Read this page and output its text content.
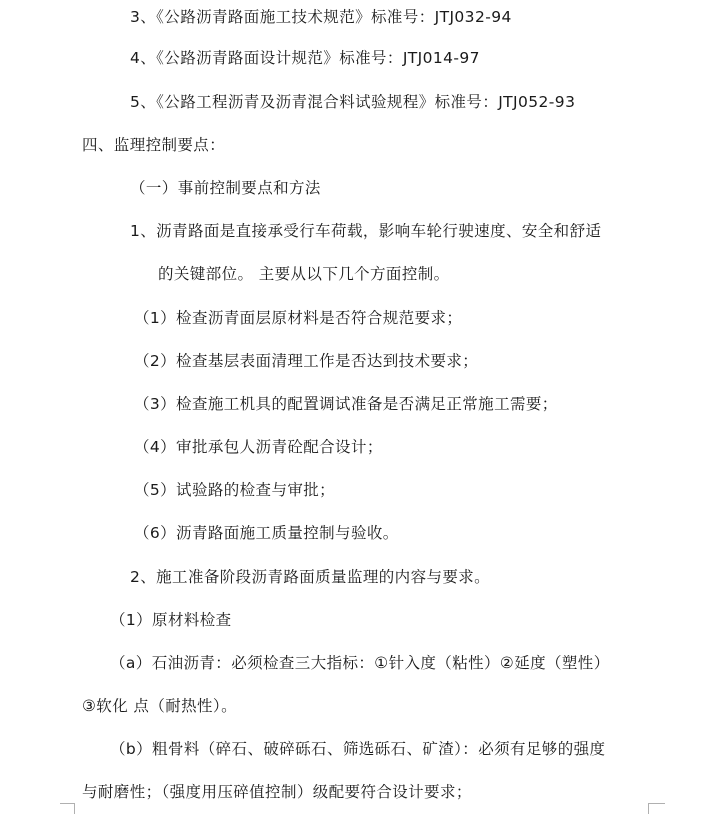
3、《公路沥青路面施工技术规范》标准号：JTJ032-94
4、《公路沥青路面设计规范》标准号：JTJ014-97
5、《公路工程沥青及沥青混合料试验规程》标准号：JTJ052-93
四、监理控制要点：
（一）事前控制要点和方法
1、沥青路面是直接承受行车荷载，影响车轮行驶速度、安全和舒适
的关键部位。 主要从以下几个方面控制。
（1）检查沥青面层原材料是否符合规范要求；
（2）检查基层表面清理工作是否达到技术要求；
（3）检查施工机具的配置调试准备是否满足正常施工需要；
（4）审批承包人沥青砼配合设计；
（5）试验路的检查与审批；
（6）沥青路面施工质量控制与验收。
2、施工准备阶段沥青路面质量监理的内容与要求。
（1）原材料检查
（a）石油沥青：必须检查三大指标：①针入度（粘性）②延度（塑性）
③软化 点（耐热性）。
（b）粗骨料（碎石、破碎砾石、筛选砾石、矿渣）：必须有足够的强度
与耐磨性；（强度用压碎值控制）级配要符合设计要求；
